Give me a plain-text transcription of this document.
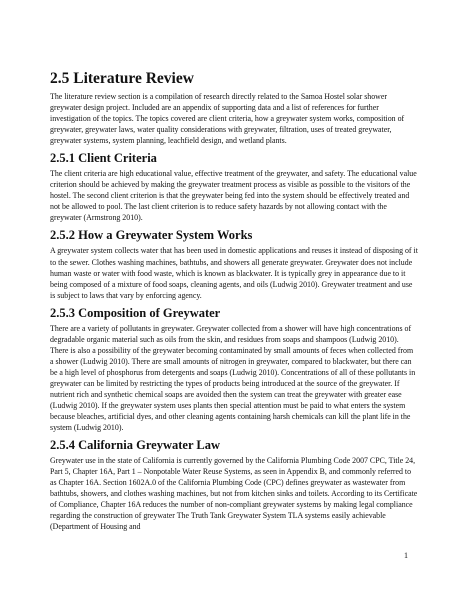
2.5 Literature Review

The literature review section is a compilation of research directly related to the Samoa Hostel solar shower greywater design project. Included are an appendix of supporting data and a list of references for further investigation of the topics. The topics covered are client criteria, how a greywater system works, composition of greywater, greywater laws, water quality considerations with greywater, filtration, uses of treated greywater, greywater systems, system planning, leachfield design, and wetland plants.

2.5.1 Client Criteria

The client criteria are high educational value, effective treatment of the greywater, and safety. The educational value criterion should be achieved by making the greywater treatment process as visible as possible to the visitors of the hostel. The second client criterion is that the greywater being fed into the system should be effectively treated and not be allowed to pool. The last client criterion is to reduce safety hazards by not allowing contact with the greywater (Armstrong 2010).

2.5.2 How a Greywater System Works

A greywater system collects water that has been used in domestic applications and reuses it instead of disposing of it to the sewer. Clothes washing machines, bathtubs, and showers all generate greywater. Greywater does not include human waste or water with food waste, which is known as blackwater. It is typically grey in appearance due to it being composed of a mixture of food soaps, cleaning agents, and oils (Ludwig 2010). Greywater treatment and use is subject to laws that vary by enforcing agency.

2.5.3 Composition of Greywater

There are a variety of pollutants in greywater. Greywater collected from a shower will have high concentrations of degradable organic material such as oils from the skin, and residues from soaps and shampoos (Ludwig 2010). There is also a possibility of the greywater becoming contaminated by small amounts of feces when collected from a shower (Ludwig 2010). There are small amounts of nitrogen in greywater, compared to blackwater, but there can be a high level of phosphorus from detergents and soaps (Ludwig 2010). Concentrations of all of these pollutants in greywater can be limited by restricting the types of products being introduced at the source of the greywater. If nutrient rich and synthetic chemical soaps are avoided then the system can treat the greywater with greater ease (Ludwig 2010). If the greywater system uses plants then special attention must be paid to what enters the system because bleaches, artificial dyes, and other cleaning agents containing harsh chemicals can kill the plant life in the system (Ludwig 2010).

2.5.4 California Greywater Law

Greywater use in the state of California is currently governed by the California Plumbing Code 2007 CPC, Title 24, Part 5, Chapter 16A, Part 1 – Nonpotable Water Reuse Systems, as seen in Appendix B, and commonly referred to as Chapter 16A. Section 1602A.0 of the California Plumbing Code (CPC) defines greywater as wastewater from bathtubs, showers, and clothes washing machines, but not from kitchen sinks and toilets. According to its Certificate of Compliance, Chapter 16A reduces the number of non-compliant greywater systems by making legal compliance regarding the construction of greywater The Truth Tank Greywater System TLA systems easily achievable (Department of Housing and

1
